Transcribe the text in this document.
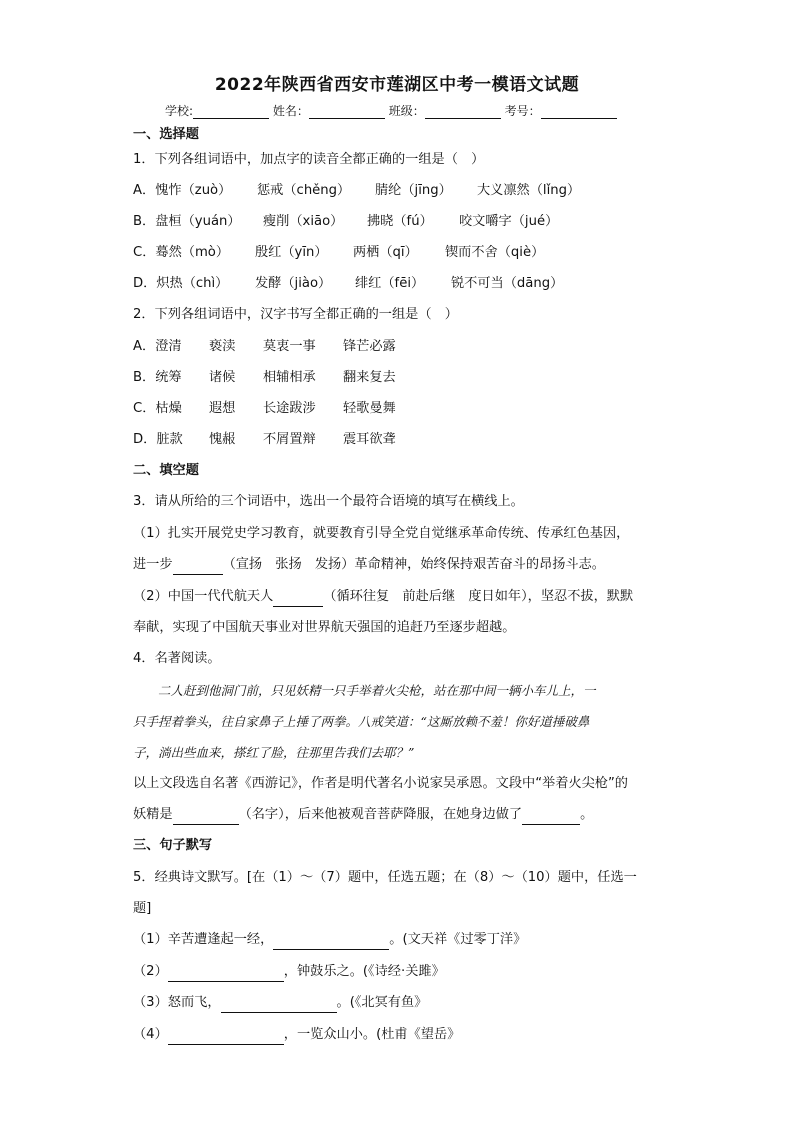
2022年陕西省西安市莲湖区中考一模语文试题
学校:	姓名：	班级：	考号：
一、选择题
1．下列各组词语中，加点字的读音全都正确的一组是（　）
A．愧怍（zuò） 惩戒（chěng） 腈纶（jīng） 大义凛然（lǐng）
B．盘桓（yuán） 瘦削（xiāo） 拂晓（fú） 咬文嚼字（jué）
C．蓦然（mò） 殷红（yīn） 两栖（qī） 锲而不舍（qiè）
D．炽热（chì） 发酵（jiào） 绯红（fēi） 锐不可当（dāng）
2．下列各组词语中，汉字书写全都正确的一组是（　）
A．澄清 亵渎 莫衷一事 锋芒必露
B．统筹 诸候 相辅相承 翻来复去
C．枯燥 遐想 长途跋涉 轻歌曼舞
D．脏款 愧赧 不屑置辩 震耳欲聋
二、填空题
3．请从所给的三个词语中，选出一个最符合语境的填写在横线上。
（1）扎实开展党史学习教育，就要教育引导全党自觉继承革命传统、传承红色基因，
进一步	（宣扬　张扬　发扬）革命精神，始终保持艰苦奋斗的昂扬斗志。
（2）中国一代代航天人	（循环往复　前赴后继　度日如年），坚忍不拔，默默
奉献，实现了中国航天事业对世界航天强国的追赶乃至逐步超越。
4．名著阅读。
二人赶到他洞门前，只见妖精一只手举着火尖枪，站在那中间一辆小车儿上，一
只手捏着拳头，往自家鼻子上捶了两拳。八戒笑道：“这厮放赖不羞！你好道捶破鼻
子，淌出些血来，搽红了脸，往那里告我们去耶？”
以上文段选自名著《西游记》，作者是明代著名小说家吴承恩。文段中“举着火尖枪”的
妖精是	（名字），后来他被观音菩萨降服，在她身边做了	。
三、句子默写
5．经典诗文默写。[在（1）～（7）题中，任选五题；在（8）～（10）题中，任选一
题]
（1）辛苦遭逢起一经，	。(文天祥《过零丁洋》
（2）	，钟鼓乐之。(《诗经·关雎》
（3）怒而飞，	。(《北冥有鱼》
（4）	，一览众山小。(杜甫《望岳》
